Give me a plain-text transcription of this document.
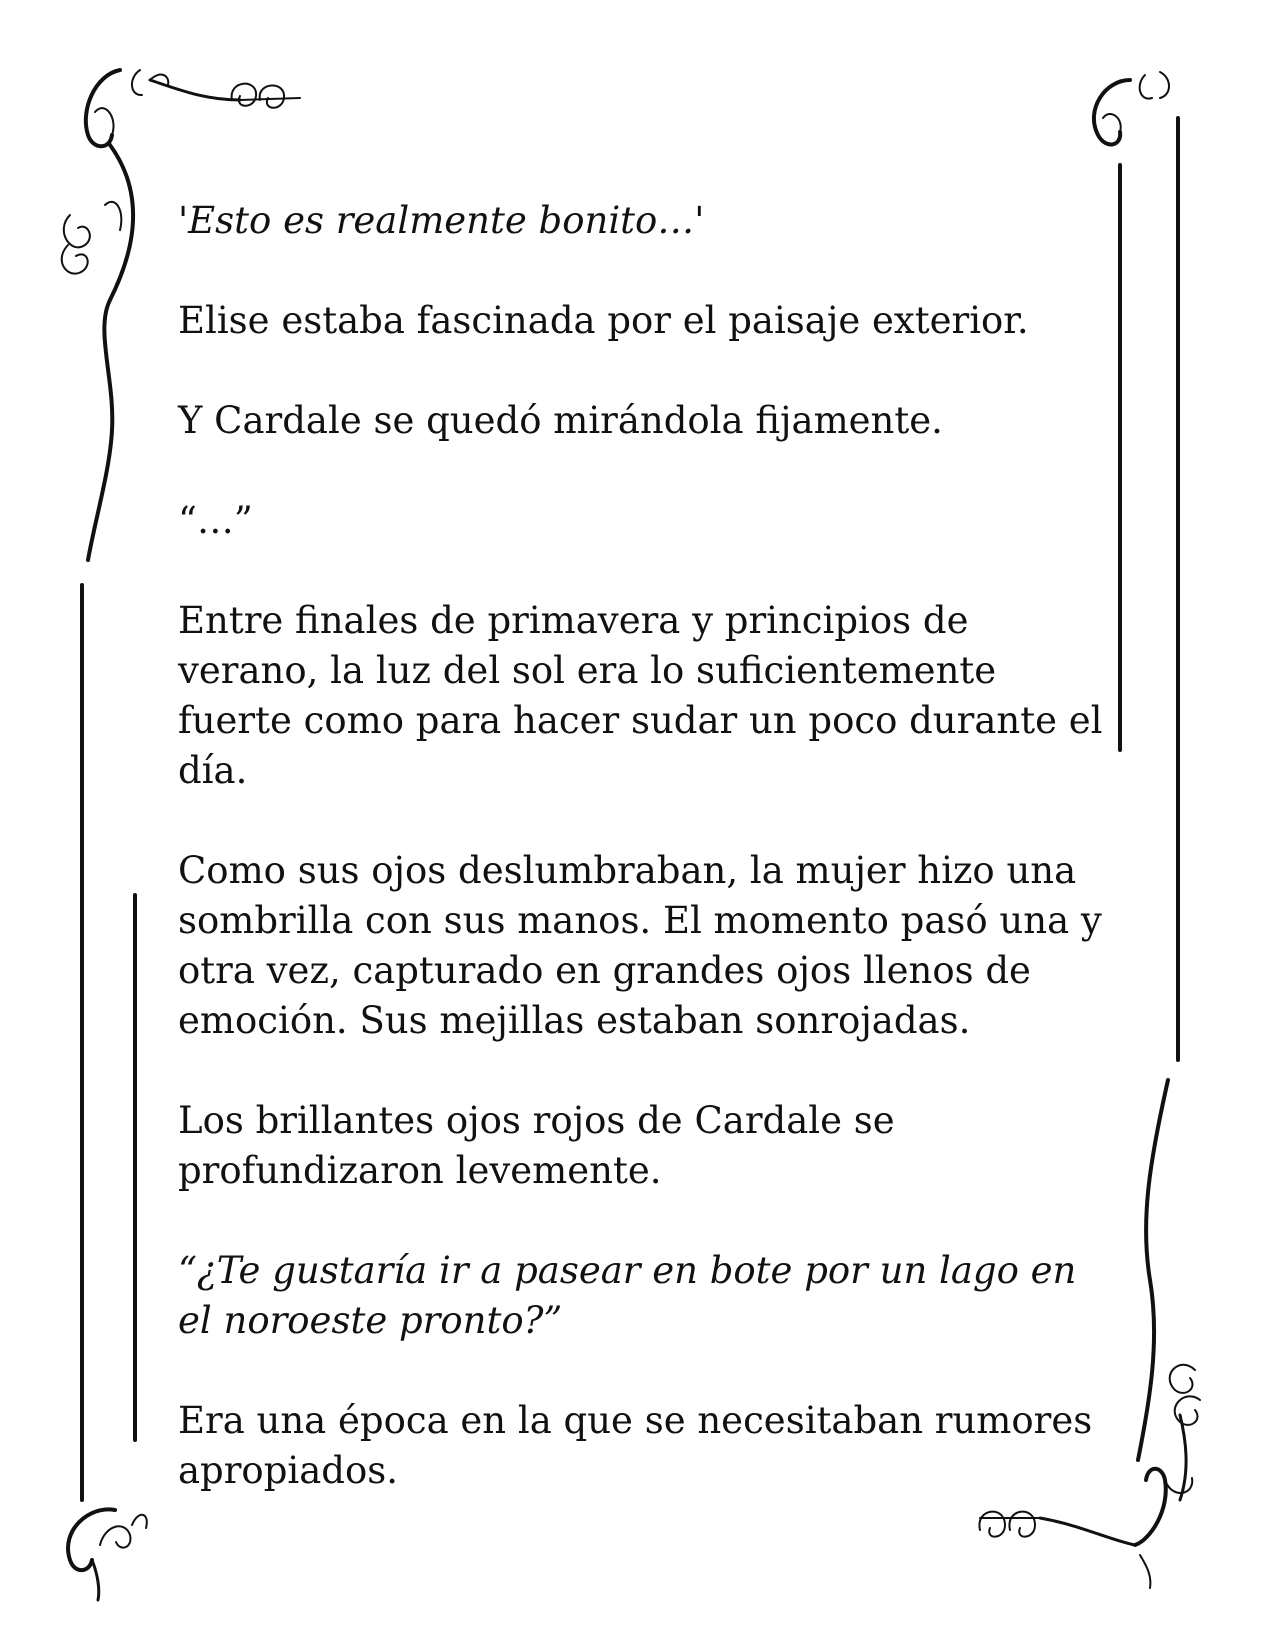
'Esto es realmente bonito…'

Elise estaba fascinada por el paisaje exterior.

Y Cardale se quedó mirándola fijamente.

“…”

Entre finales de primavera y principios de verano, la luz del sol era lo suficientemente fuerte como para hacer sudar un poco durante el día.

Como sus ojos deslumbraban, la mujer hizo una sombrilla con sus manos. El momento pasó una y otra vez, capturado en grandes ojos llenos de emoción. Sus mejillas estaban sonrojadas.

Los brillantes ojos rojos de Cardale se profundizaron levemente.

“¿Te gustaría ir a pasear en bote por un lago en el noroeste pronto?”

Era una época en la que se necesitaban rumores apropiados.
